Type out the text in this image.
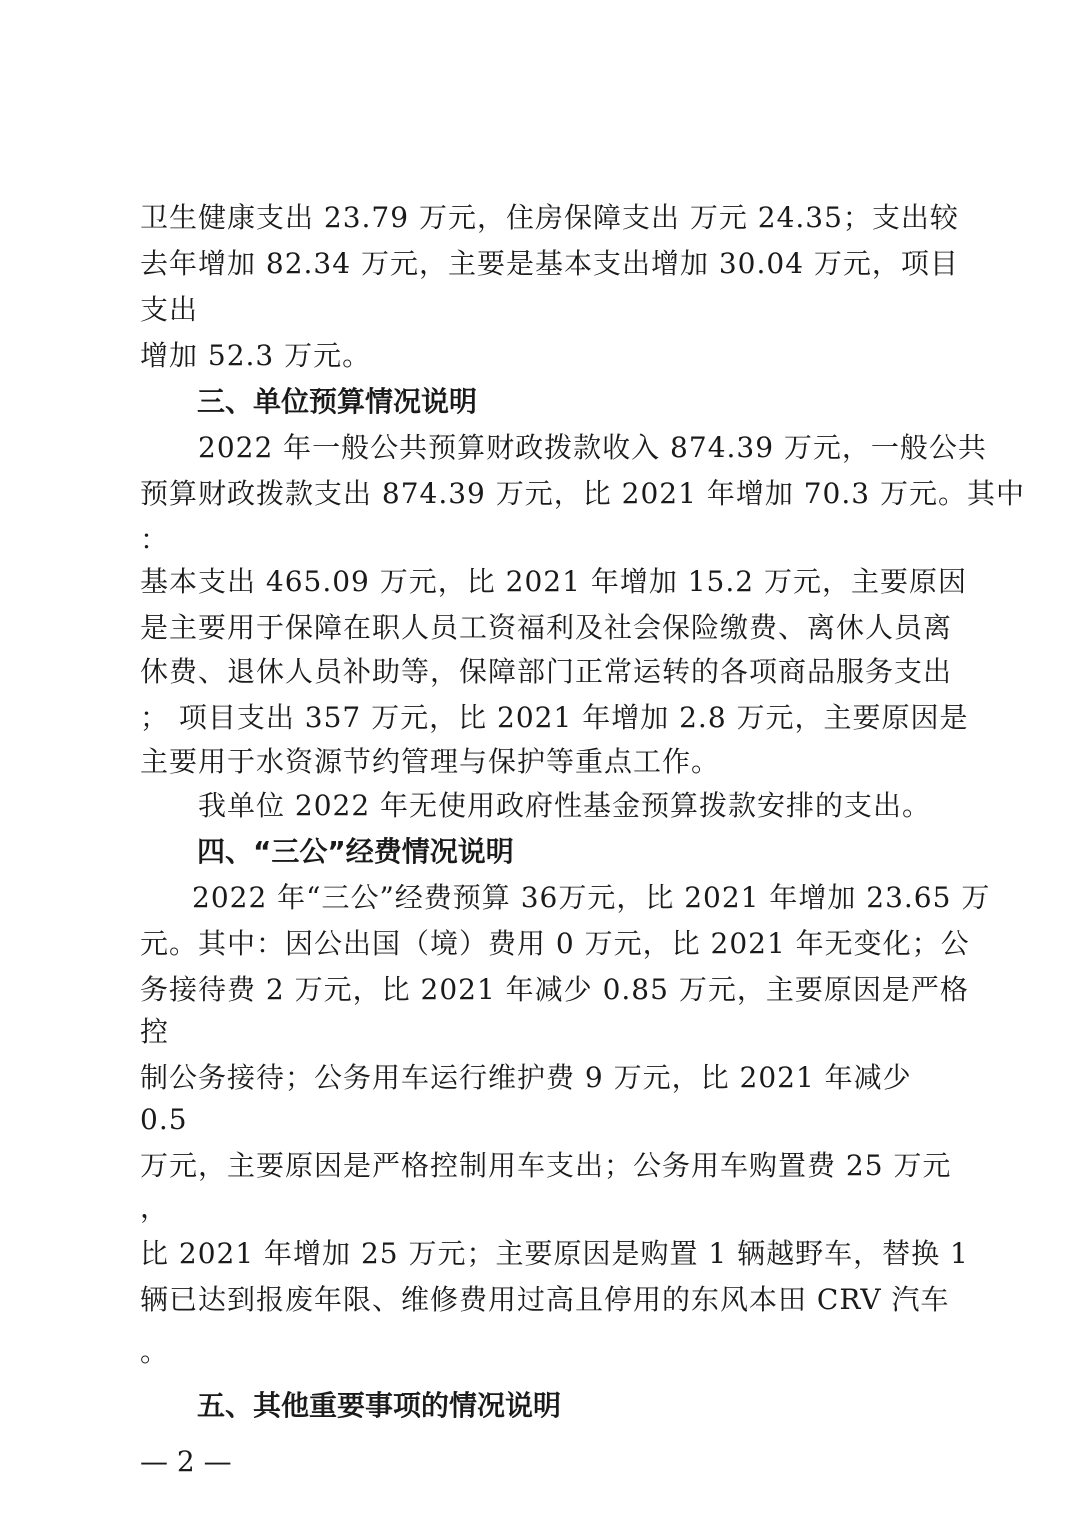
卫生健康支出 23.79 万元，住房保障支出 万元 24.35；支出较
去年增加 82.34 万元，主要是基本支出增加 30.04 万元，项目
支出
增加 52.3 万元。
三、单位预算情况说明
2022 年一般公共预算财政拨款收入 874.39 万元，一般公共
预算财政拨款支出 874.39 万元，比 2021 年增加 70.3 万元。其中
：
基本支出 465.09 万元，比 2021 年增加 15.2 万元，主要原因
是主要用于保障在职人员工资福利及社会保险缴费、离休人员离
休费、退休人员补助等，保障部门正常运转的各项商品服务支出
； 项目支出 357 万元，比 2021 年增加 2.8 万元，主要原因是
主要用于水资源节约管理与保护等重点工作。
我单位 2022 年无使用政府性基金预算拨款安排的支出。
四、“三公”经费情况说明
2022 年“三公”经费预算 36万元，比 2021 年增加 23.65 万
元。其中：因公出国（境）费用 0 万元，比 2021 年无变化；公
务接待费 2 万元，比 2021 年减少 0.85 万元，主要原因是严格
控
制公务接待；公务用车运行维护费 9 万元，比 2021 年减少
0.5
万元，主要原因是严格控制用车支出；公务用车购置费 25 万元
，
比 2021 年增加 25 万元；主要原因是购置 1 辆越野车，替换 1
辆已达到报废年限、维修费用过高且停用的东风本田 CRV 汽车
。
五、其他重要事项的情况说明
— 2 —
